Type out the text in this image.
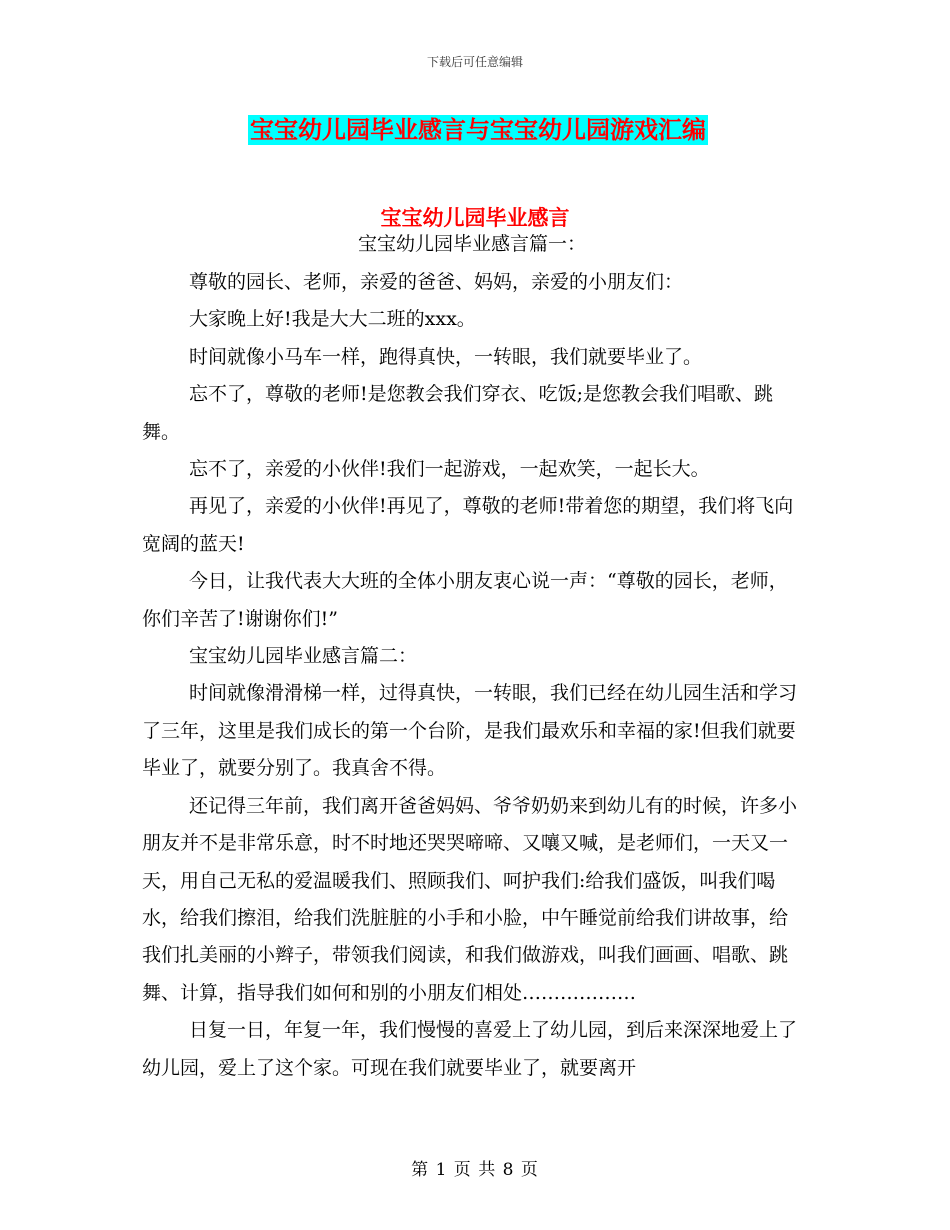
下载后可任意编辑
宝宝幼儿园毕业感言与宝宝幼儿园游戏汇编
宝宝幼儿园毕业感言

宝宝幼儿园毕业感言篇一：

尊敬的园长、老师，亲爱的爸爸、妈妈，亲爱的小朋友们：

大家晚上好!我是大大二班的xxx。

时间就像小马车一样，跑得真快，一转眼，我们就要毕业了。

忘不了，尊敬的老师!是您教会我们穿衣、吃饭;是您教会我们唱歌、跳舞。

忘不了，亲爱的小伙伴!我们一起游戏，一起欢笑，一起长大。

再见了，亲爱的小伙伴!再见了，尊敬的老师!带着您的期望，我们将飞向宽阔的蓝天!

今日，让我代表大大班的全体小朋友衷心说一声：“尊敬的园长，老师，你们辛苦了!谢谢你们!”

宝宝幼儿园毕业感言篇二：

时间就像滑滑梯一样，过得真快，一转眼，我们已经在幼儿园生活和学习了三年，这里是我们成长的第一个台阶，是我们最欢乐和幸福的家!但我们就要毕业了，就要分别了。我真舍不得。

还记得三年前，我们离开爸爸妈妈、爷爷奶奶来到幼儿有的时候，许多小朋友并不是非常乐意，时不时地还哭哭啼啼、又嚷又喊，是老师们，一天又一天，用自己无私的爱温暖我们、照顾我们、呵护我们:给我们盛饭，叫我们喝水，给我们擦泪，给我们洗脏脏的小手和小脸，中午睡觉前给我们讲故事，给我们扎美丽的小辫子，带领我们阅读，和我们做游戏，叫我们画画、唱歌、跳舞、计算，指导我们如何和别的小朋友们相处………………

日复一日，年复一年，我们慢慢的喜爱上了幼儿园，到后来深深地爱上了幼儿园，爱上了这个家。可现在我们就要毕业了，就要离开

第 1 页 共 8 页
